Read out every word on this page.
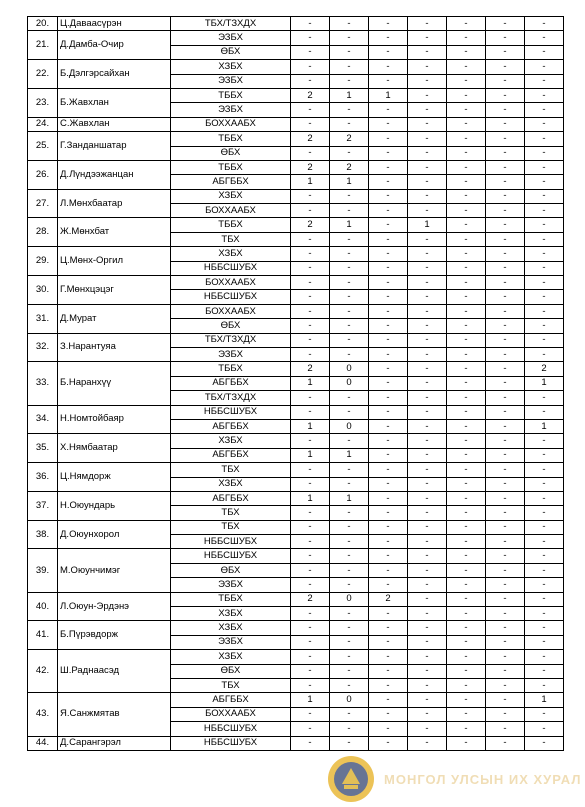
20.	Ц.Даваасүрэн	ТБХ/ТЗХДХ	-	-	-	-	-	-	-
21.	Д.Дамба-Очир	ЭЗБХ	-	-	-	-	-	-	-
		ӨБХ	-	-	-	-	-	-	-
22.	Б.Дэлгэрсайхан	ХЗБХ	-	-	-	-	-	-	-
		ЭЗБХ	-	-	-	-	-	-	-
23.	Б.Жавхлан	ТББХ	2	1	1	-	-	-	-
		ЭЗБХ	-	-	-	-	-	-	-
24.	С.Жавхлан	БОХХААБХ	-	-	-	-	-	-	-
25.	Г.Занданшатар	ТББХ	2	2	-	-	-	-	-
		ӨБХ	-	-	-	-	-	-	-
26.	Д.Лүндээжанцан	ТББХ	2	2	-	-	-	-	-
		АБГББХ	1	1	-	-	-	-	-
27.	Л.Мөнхбаатар	ХЗБХ	-	-	-	-	-	-	-
		БОХХААБХ	-	-	-	-	-	-	-
28.	Ж.Мөнхбат	ТББХ	2	1	-	1	-	-	-
		ТБХ	-	-	-	-	-	-	-
29.	Ц.Мөнх-Оргил	ХЗБХ	-	-	-	-	-	-	-
		НББСШУБХ	-	-	-	-	-	-	-
30.	Г.Мөнхцэцэг	БОХХААБХ	-	-	-	-	-	-	-
		НББСШУБХ	-	-	-	-	-	-	-
31.	Д.Мурат	БОХХААБХ	-	-	-	-	-	-	-
		ӨБХ	-	-	-	-	-	-	-
32.	З.Нарантуяа	ТБХ/ТЗХДХ	-	-	-	-	-	-	-
		ЭЗБХ	-	-	-	-	-	-	-
33.	Б.Наранхүү	ТББХ	2	0	-	-	-	-	2
		АБГББХ	1	0	-	-	-	-	1
		ТБХ/ТЗХДХ	-	-	-	-	-	-	-
34.	Н.Номтойбаяр	НББСШУБХ	-	-	-	-	-	-	-
		АБГББХ	1	0	-	-	-	-	1
35.	Х.Нямбаатар	ХЗБХ	-	-	-	-	-	-	-
		АБГББХ	1	1	-	-	-	-	-
36.	Ц.Нямдорж	ТБХ	-	-	-	-	-	-	-
		ХЗБХ	-	-	-	-	-	-	-
37.	Н.Оюундарь	АБГББХ	1	1	-	-	-	-	-
		ТБХ	-	-	-	-	-	-	-
38.	Д.Оюунхорол	ТБХ	-	-	-	-	-	-	-
		НББСШУБХ	-	-	-	-	-	-	-
39.	М.Оюунчимэг	НББСШУБХ	-	-	-	-	-	-	-
		ӨБХ	-	-	-	-	-	-	-
		ЭЗБХ	-	-	-	-	-	-	-
40.	Л.Оюун-Эрдэнэ	ТББХ	2	0	2	-	-	-	-
		ХЗБХ	-	-	-	-	-	-	-
41.	Б.Пүрэвдорж	ХЗБХ	-	-	-	-	-	-	-
		ЭЗБХ	-	-	-	-	-	-	-
42.	Ш.Раднаасэд	ХЗБХ	-	-	-	-	-	-	-
		ӨБХ	-	-	-	-	-	-	-
		ТБХ	-	-	-	-	-	-	-
43.	Я.Санжмятав	АБГББХ	1	0	-	-	-	-	1
		БОХХААБХ	-	-	-	-	-	-	-
		НББСШУБХ	-	-	-	-	-	-	-
44.	Д.Сарангэрэл	НББСШУБХ	-	-	-	-	-	-	-
МОНГОЛ УЛСЫН ИХ ХУРАЛ
